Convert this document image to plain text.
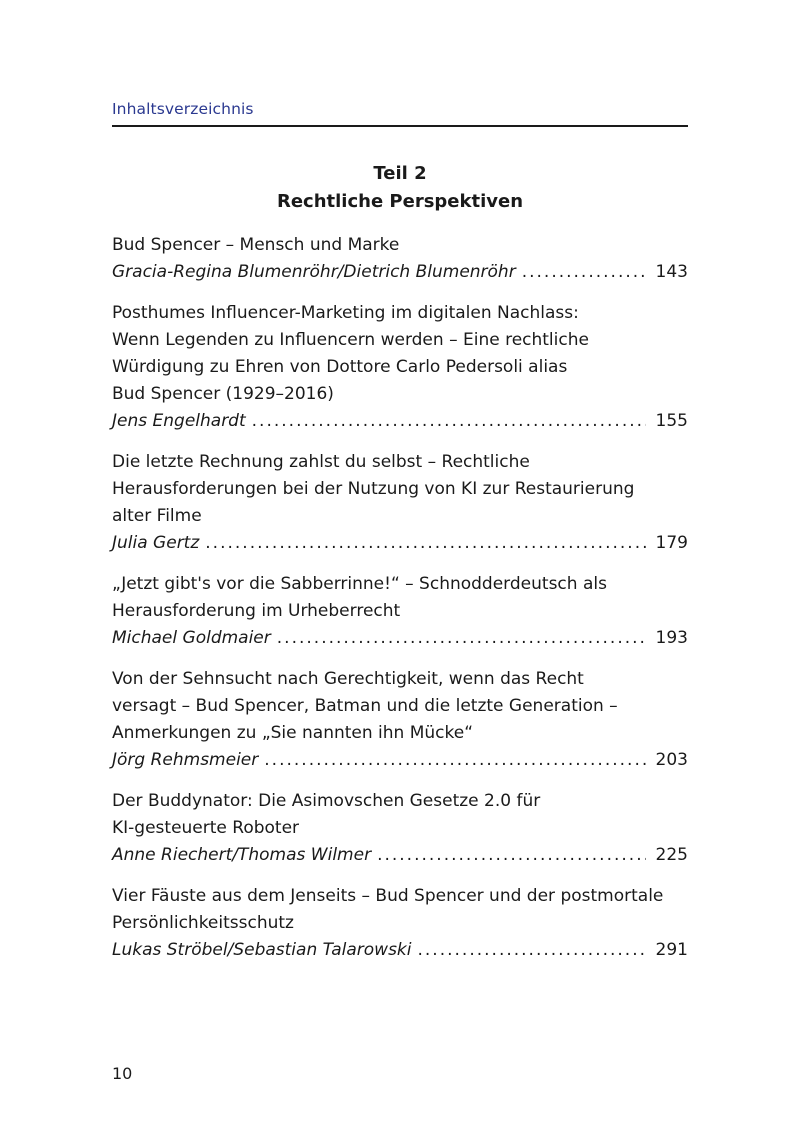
Inhaltsverzeichnis
Teil 2
Rechtliche Perspektiven
Bud Spencer – Mensch und Marke
Gracia-Regina Blumenröhr/Dietrich Blumenröhr .....	143
Posthumes Influencer-Marketing im digitalen Nachlass:
Wenn Legenden zu Influencern werden – Eine rechtliche
Würdigung zu Ehren von Dottore Carlo Pedersoli alias
Bud Spencer (1929–2016)
Jens Engelhardt .....	155
Die letzte Rechnung zahlst du selbst – Rechtliche
Herausforderungen bei der Nutzung von KI zur Restaurierung
alter Filme
Julia Gertz .....	179
„Jetzt gibt's vor die Sabberrinne!“ – Schnodderdeutsch als
Herausforderung im Urheberrecht
Michael Goldmaier .....	193
Von der Sehnsucht nach Gerechtigkeit, wenn das Recht
versagt – Bud Spencer, Batman und die letzte Generation –
Anmerkungen zu „Sie nannten ihn Mücke“
Jörg Rehmsmeier .....	203
Der Buddynator: Die Asimovschen Gesetze 2.0 für
KI-gesteuerte Roboter
Anne Riechert/Thomas Wilmer .....	225
Vier Fäuste aus dem Jenseits – Bud Spencer und der postmortale
Persönlichkeitsschutz
Lukas Ströbel/Sebastian Talarowski .....	291
10
